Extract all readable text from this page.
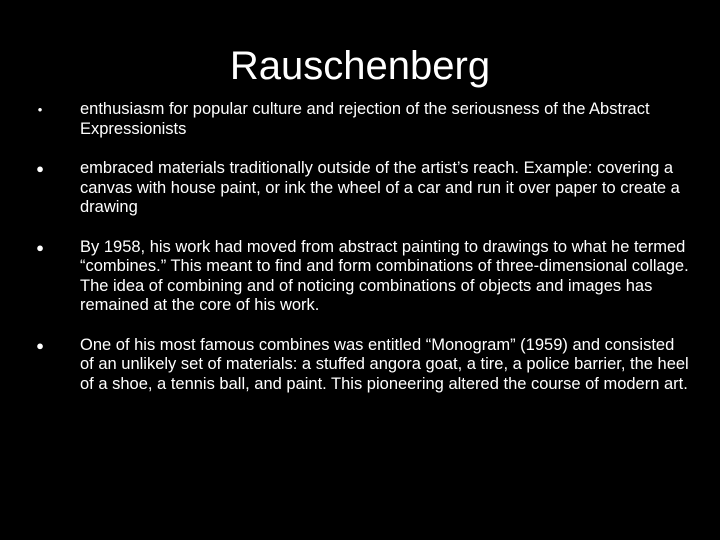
Rauschenberg
•	enthusiasm for popular culture and rejection of the seriousness of the Abstract Expressionists
●	embraced materials traditionally outside of the artist’s reach. Example: covering a canvas with house paint, or ink the wheel of a car and run it over paper to create a drawing
●	By 1958, his work had moved from abstract painting to drawings to what he termed “combines.” This meant to find and form combinations of three-dimensional collage. The idea of combining and of noticing combinations of objects and images has remained at the core of his work.
●	One of his most famous combines was entitled “Monogram” (1959) and consisted of an unlikely set of materials: a stuffed angora goat, a tire, a police barrier, the heel of a shoe, a tennis ball, and paint. This pioneering altered the course of modern art.
